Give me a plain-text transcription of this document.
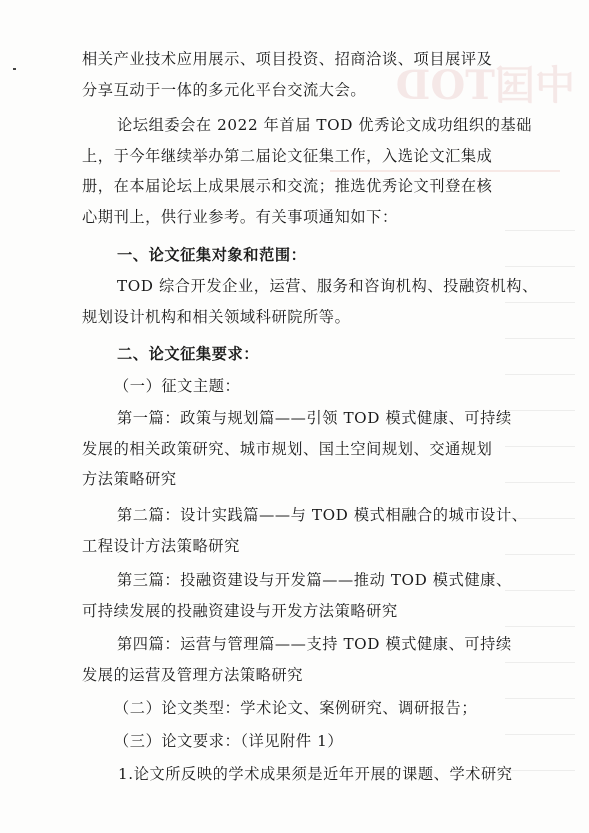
中国TOD
相关产业技术应用展示、项目投资、招商洽谈、项目展评及
分享互动于一体的多元化平台交流大会。
论坛组委会在 2022 年首届 TOD 优秀论文成功组织的基础
上，于今年继续举办第二届论文征集工作，入选论文汇集成
册，在本届论坛上成果展示和交流；推选优秀论文刊登在核
心期刊上，供行业参考。有关事项通知如下：
一、论文征集对象和范围：
TOD 综合开发企业，运营、服务和咨询机构、投融资机构、
规划设计机构和相关领域科研院所等。
二、论文征集要求：
（一）征文主题：
第一篇：政策与规划篇——引领 TOD 模式健康、可持续
发展的相关政策研究、城市规划、国土空间规划、交通规划
方法策略研究
第二篇：设计实践篇——与 TOD 模式相融合的城市设计、
工程设计方法策略研究
第三篇：投融资建设与开发篇——推动 TOD 模式健康、
可持续发展的投融资建设与开发方法策略研究
第四篇：运营与管理篇——支持 TOD 模式健康、可持续
发展的运营及管理方法策略研究
（二）论文类型：学术论文、案例研究、调研报告；
（三）论文要求：（详见附件 1）
1.论文所反映的学术成果须是近年开展的课题、学术研究
